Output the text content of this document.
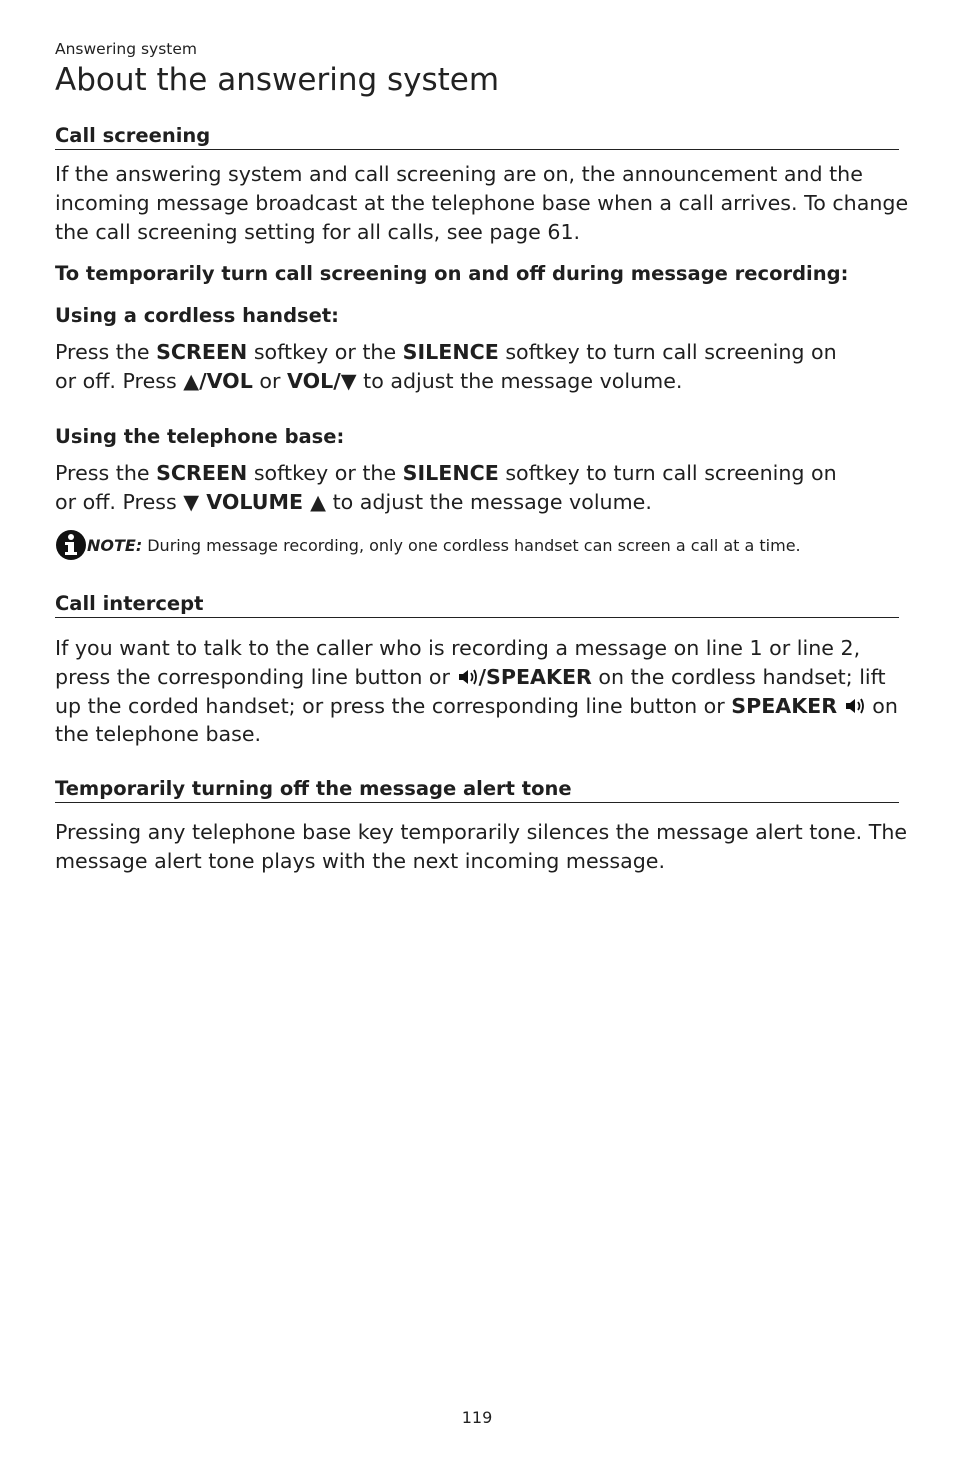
Answering system
About the answering system
Call screening

If the answering system and call screening are on, the announcement and the incoming message broadcast at the telephone base when a call arrives. To change the call screening setting for all calls, see page 61.

To temporarily turn call screening on and off during message recording:
Using a cordless handset:

Press the SCREEN softkey or the SILENCE softkey to turn call screening on or off. Press ▲/VOL or VOL/▼ to adjust the message volume.

Using the telephone base:

Press the SCREEN softkey or the SILENCE softkey to turn call screening on or off. Press ▼ VOLUME ▲ to adjust the message volume.

NOTE: During message recording, only one cordless handset can screen a call at a time.
Call intercept

If you want to talk to the caller who is recording a message on line 1 or line 2, press the corresponding line button or /SPEAKER on the cordless handset; lift up the corded handset; or press the corresponding line button or SPEAKER  on the telephone base.

Temporarily turning off the message alert tone

Pressing any telephone base key temporarily silences the message alert tone. The message alert tone plays with the next incoming message.

119
